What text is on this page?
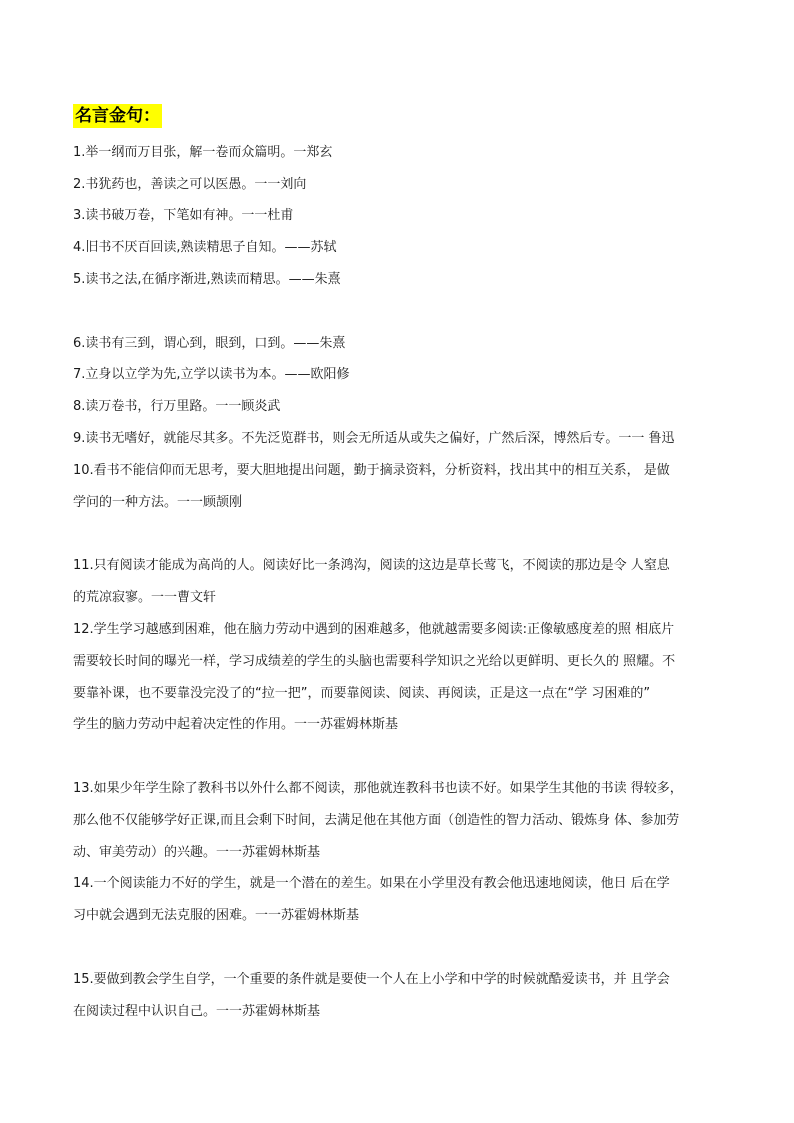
名言金句：
1.举一纲而万目张，解一卷而众篇明。一郑玄
2.书犹药也，善读之可以医愚。一一刘向
3.读书破万卷，下笔如有神。一一杜甫
4.旧书不厌百回读,熟读精思子自知。——苏轼
5.读书之法,在循序渐进,熟读而精思。——朱熹
6.读书有三到，谓心到，眼到，口到。——朱熹
7.立身以立学为先,立学以读书为本。——欧阳修
8.读万卷书，行万里路。一一顾炎武
9.读书无嗜好，就能尽其多。不先泛览群书，则会无所适从或失之偏好，广然后深，博然后专。一一 鲁迅
10.看书不能信仰而无思考，要大胆地提出问题，勤于摘录资料，分析资料，找出其中的相互关系， 是做
学问的一种方法。一一顾颉刚
11.只有阅读才能成为高尚的人。阅读好比一条鸿沟，阅读的这边是草长莺飞，不阅读的那边是令 人窒息
的荒凉寂寥。一一曹文轩
12.学生学习越感到困难，他在脑力劳动中遇到的困难越多，他就越需要多阅读:正像敏感度差的照 相底片
需要较长时间的曝光一样，学习成绩差的学生的头脑也需要科学知识之光给以更鲜明、更长久的 照耀。不
要靠补课，也不要靠没完没了的“拉一把”，而要靠阅读、阅读、再阅读，正是这一点在“学 习困难的”
学生的脑力劳动中起着决定性的作用。一一苏霍姆林斯基
13.如果少年学生除了教科书以外什么都不阅读，那他就连教科书也读不好。如果学生其他的书读 得较多，
那么他不仅能够学好正课,而且会剩下时间，去满足他在其他方面（创造性的智力活动、锻炼身 体、参加劳
动、审美劳动）的兴趣。一一苏霍姆林斯基
14.一个阅读能力不好的学生，就是一个潜在的差生。如果在小学里没有教会他迅速地阅读，他日 后在学
习中就会遇到无法克服的困难。一一苏霍姆林斯基
15.要做到教会学生自学，一个重要的条件就是要使一个人在上小学和中学的时候就酷爱读书，并 且学会
在阅读过程中认识自己。一一苏霍姆林斯基
